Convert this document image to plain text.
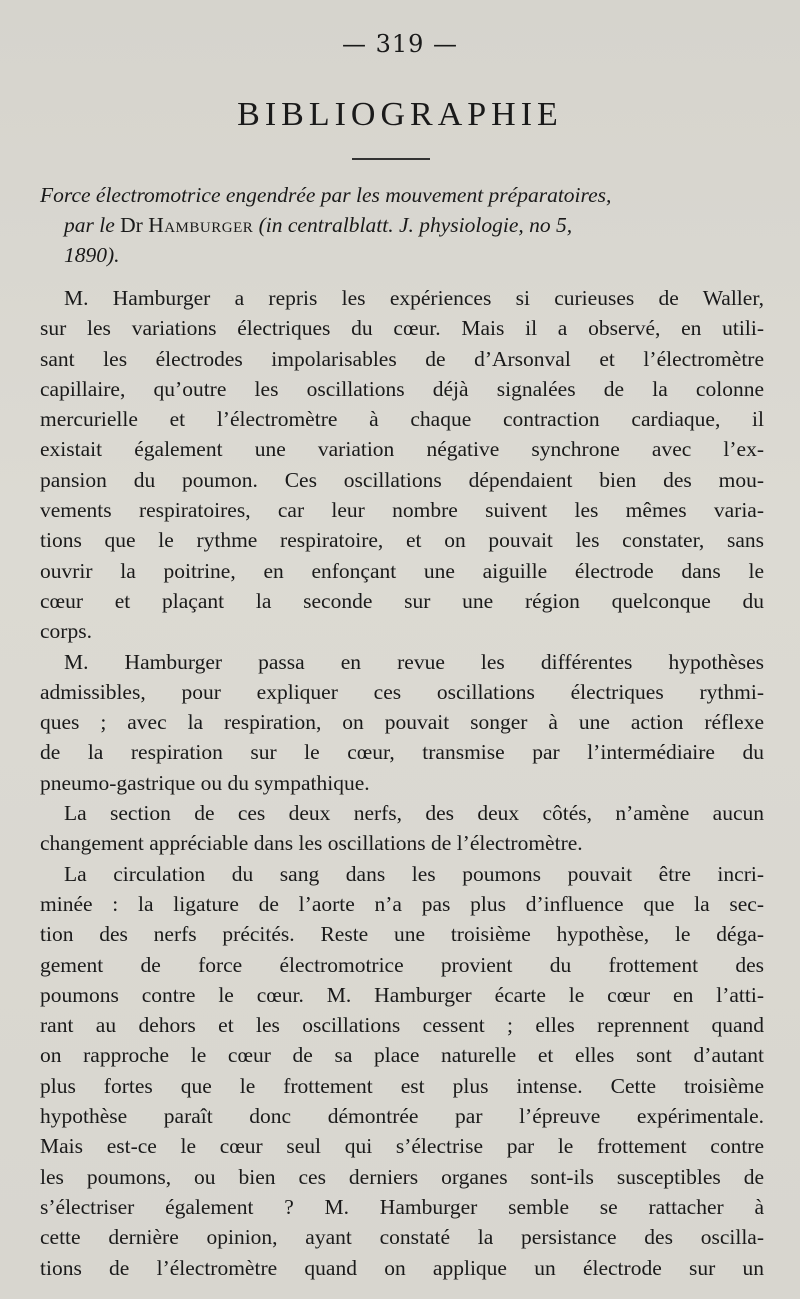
— 319 —
BIBLIOGRAPHIE
Force électromotrice engendrée par les mouvement préparatoires,
par le Dr Hamburger (in centralblatt. J. physiologie, no 5,
1890).
M. Hamburger a repris les expériences si curieuses de Waller,
sur les variations électriques du cœur. Mais il a observé, en utili-
sant les électrodes impolarisables de d’Arsonval et l’électromètre
capillaire, qu’outre les oscillations déjà signalées de la colonne
mercurielle et l’électromètre à chaque contraction cardiaque, il
existait également une variation négative synchrone avec l’ex-
pansion du poumon. Ces oscillations dépendaient bien des mou-
vements respiratoires, car leur nombre suivent les mêmes varia-
tions que le rythme respiratoire, et on pouvait les constater, sans
ouvrir la poitrine, en enfonçant une aiguille électrode dans le
cœur et plaçant la seconde sur une région quelconque du
corps.
M. Hamburger passa en revue les différentes hypothèses
admissibles, pour expliquer ces oscillations électriques rythmi-
ques ; avec la respiration, on pouvait songer à une action réflexe
de la respiration sur le cœur, transmise par l’intermédiaire du
pneumo-gastrique ou du sympathique.
La section de ces deux nerfs, des deux côtés, n’amène aucun
changement appréciable dans les oscillations de l’électromètre.
La circulation du sang dans les poumons pouvait être incri-
minée : la ligature de l’aorte n’a pas plus d’influence que la sec-
tion des nerfs précités. Reste une troisième hypothèse, le déga-
gement de force électromotrice provient du frottement des
poumons contre le cœur. M. Hamburger écarte le cœur en l’atti-
rant au dehors et les oscillations cessent ; elles reprennent quand
on rapproche le cœur de sa place naturelle et elles sont d’autant
plus fortes que le frottement est plus intense. Cette troisième
hypothèse paraît donc démontrée par l’épreuve expérimentale.
Mais est-ce le cœur seul qui s’électrise par le frottement contre
les poumons, ou bien ces derniers organes sont-ils susceptibles de
s’électriser également ? M. Hamburger semble se rattacher à
cette dernière opinion, ayant constaté la persistance des oscilla-
tions de l’électromètre quand on applique un électrode sur un
